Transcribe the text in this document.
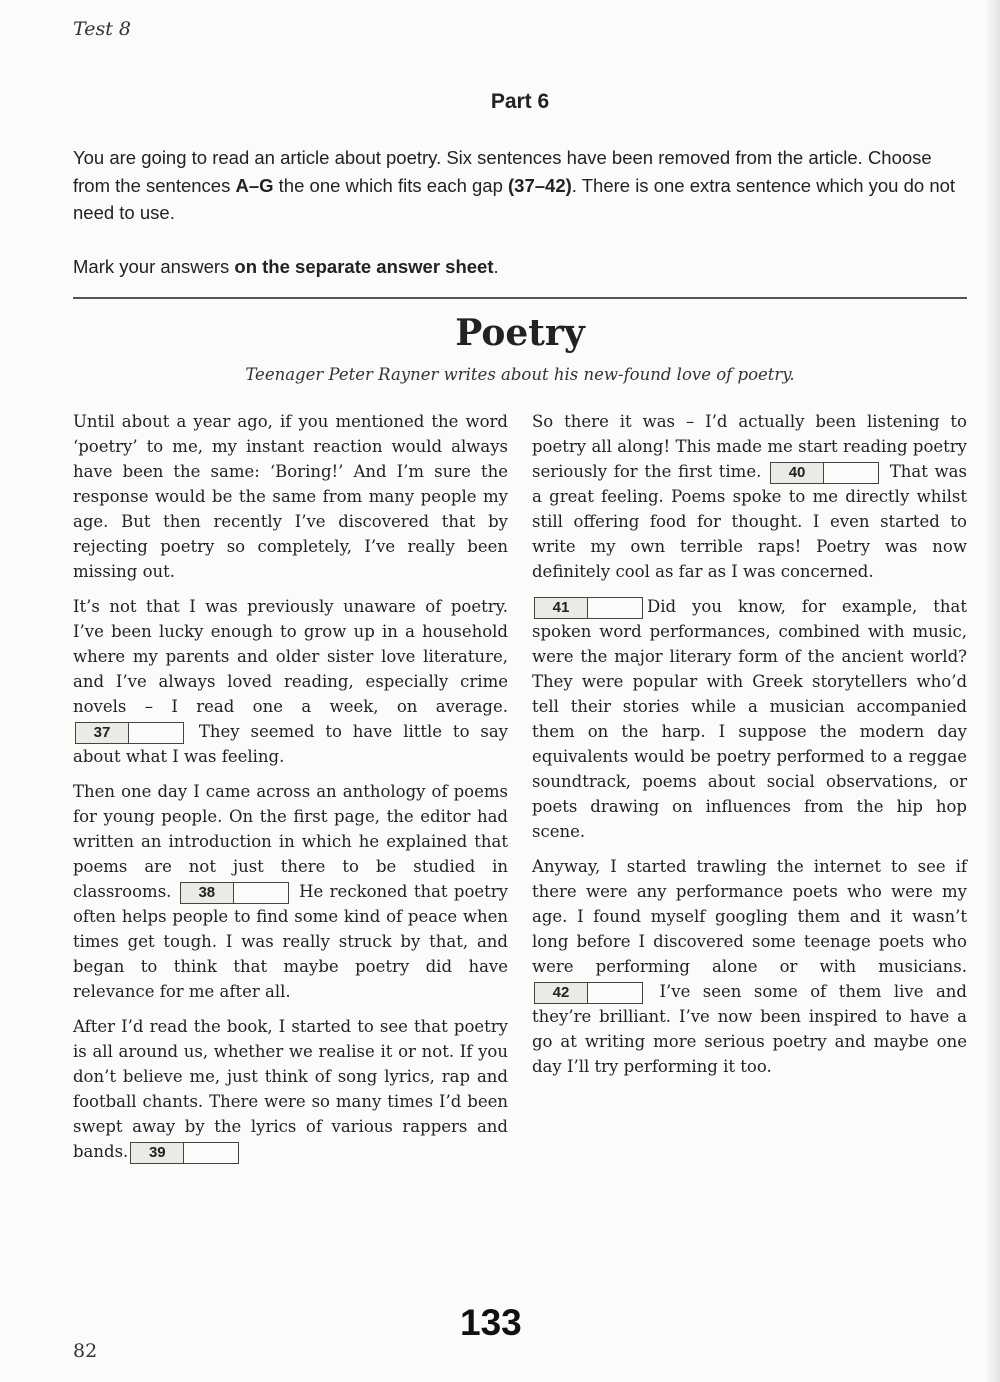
Test 8
Part 6

You are going to read an article about poetry. Six sentences have been removed from the article. Choose from the sentences A–G the one which fits each gap (37–42). There is one extra sentence which you do not need to use.

Mark your answers on the separate answer sheet.

Poetry
Teenager Peter Rayner writes about his new-found love of poetry.

Until about a year ago, if you mentioned the word ‘poetry’ to me, my instant reaction would always have been the same: ‘Boring!’ And I’m sure the response would be the same from many people my age. But then recently I’ve discovered that by rejecting poetry so completely, I’ve really been missing out.

It’s not that I was previously unaware of poetry. I’ve been lucky enough to grow up in a household where my parents and older sister love literature, and I’ve always loved reading, especially crime novels – I read one a week, on average.
37	They seemed to have little to say about what I was feeling.

Then one day I came across an anthology of poems for young people. On the first page, the editor had written an introduction in which he explained that poems are not just there to be studied in classrooms.	38	He reckoned that poetry often helps people to find some kind of peace when times get tough. I was really struck by that, and began to think that maybe poetry did have relevance for me after all.

After I’d read the book, I started to see that poetry is all around us, whether we realise it or not. If you don’t believe me, just think of song lyrics, rap and football chants. There were so many times I’d been swept away by the lyrics of various rappers and bands.	39

So there it was – I’d actually been listening to poetry all along! This made me start reading poetry seriously for the first time.	40	That was a great feeling. Poems spoke to me directly whilst still offering food for thought. I even started to write my own terrible raps! Poetry was now definitely cool as far as I was concerned.

41	Did you know, for example, that spoken word performances, combined with music, were the major literary form of the ancient world? They were popular with Greek storytellers who’d tell their stories while a musician accompanied them on the harp. I suppose the modern day equivalents would be poetry performed to a reggae soundtrack, poems about social observations, or poets drawing on influences from the hip hop scene.

Anyway, I started trawling the internet to see if there were any performance poets who were my age. I found myself googling them and it wasn’t long before I discovered some teenage poets who were performing alone or with musicians.
42	I’ve seen some of them live and they’re brilliant. I’ve now been inspired to have a go at writing more serious poetry and maybe one day I’ll try performing it too.

133
82
